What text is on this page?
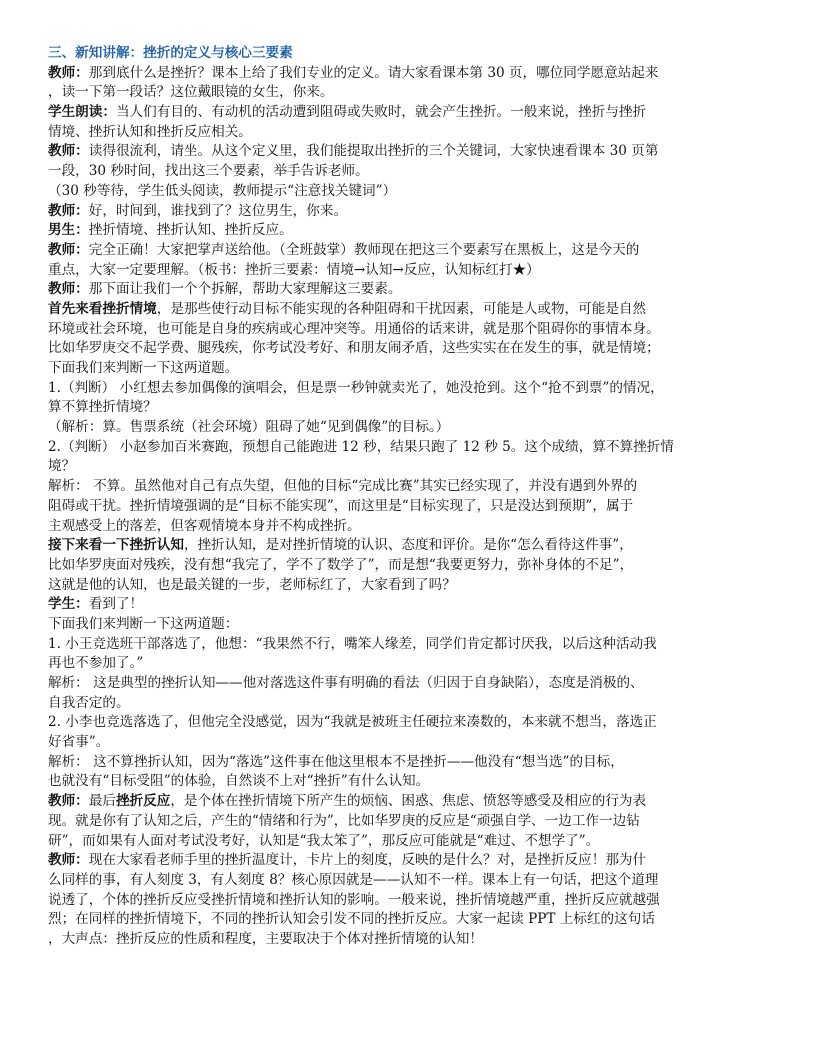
三、新知讲解：挫折的定义与核心三要素
教师：那到底什么是挫折？课本上给了我们专业的定义。请大家看课本第 30 页，哪位同学愿意站起来
，读一下第一段话？这位戴眼镜的女生，你来。
学生朗读：当人们有目的、有动机的活动遭到阻碍或失败时，就会产生挫折。一般来说，挫折与挫折
情境、挫折认知和挫折反应相关。
教师：读得很流利，请坐。从这个定义里，我们能提取出挫折的三个关键词，大家快速看课本 30 页第
一段，30 秒时间，找出这三个要素，举手告诉老师。
（30 秒等待，学生低头阅读，教师提示“注意找关键词”）
教师：好，时间到，谁找到了？这位男生，你来。
男生：挫折情境、挫折认知、挫折反应。
教师：完全正确！大家把掌声送给他。（全班鼓掌）教师现在把这三个要素写在黑板上，这是今天的
重点，大家一定要理解。（板书：挫折三要素：情境→认知→反应，认知标红打★）
教师：那下面让我们一个个拆解，帮助大家理解这三要素。
首先来看挫折情境，是那些使行动目标不能实现的各种阻碍和干扰因素，可能是人或物，可能是自然
环境或社会环境，也可能是自身的疾病或心理冲突等。用通俗的话来讲，就是那个阻碍你的事情本身。
比如华罗庚交不起学费、腿残疾，你考试没考好、和朋友闹矛盾，这些实实在在发生的事，就是情境；
下面我们来判断一下这两道题。
1.（判断） 小红想去参加偶像的演唱会，但是票一秒钟就卖光了，她没抢到。这个“抢不到票”的情况，
算不算挫折情境？
（解析：算。售票系统（社会环境）阻碍了她“见到偶像”的目标。）
2.（判断） 小赵参加百米赛跑，预想自己能跑进 12 秒，结果只跑了 12 秒 5。这个成绩，算不算挫折情
境？
解析： 不算。虽然他对自己有点失望，但他的目标“完成比赛”其实已经实现了，并没有遇到外界的
阻碍或干扰。挫折情境强调的是“目标不能实现”，而这里是“目标实现了，只是没达到预期”，属于
主观感受上的落差，但客观情境本身并不构成挫折。
接下来看一下挫折认知，挫折认知，是对挫折情境的认识、态度和评价。是你“怎么看待这件事”，
比如华罗庚面对残疾，没有想“我完了，学不了数学了”，而是想“我要更努力，弥补身体的不足”，
这就是他的认知，也是最关键的一步，老师标红了，大家看到了吗？
学生：看到了！
下面我们来判断一下这两道题：
1. 小王竞选班干部落选了，他想：“我果然不行，嘴笨人缘差，同学们肯定都讨厌我，以后这种活动我
再也不参加了。”
解析： 这是典型的挫折认知——他对落选这件事有明确的看法（归因于自身缺陷），态度是消极的、
自我否定的。
2. 小李也竞选落选了，但他完全没感觉，因为“我就是被班主任硬拉来凑数的，本来就不想当，落选正
好省事”。
解析： 这不算挫折认知，因为“落选”这件事在他这里根本不是挫折——他没有“想当选”的目标，
也就没有“目标受阻”的体验，自然谈不上对“挫折”有什么认知。
教师：最后挫折反应，是个体在挫折情境下所产生的烦恼、困惑、焦虑、愤怒等感受及相应的行为表
现。就是你有了认知之后，产生的“情绪和行为”，比如华罗庚的反应是“顽强自学、一边工作一边钻
研”，而如果有人面对考试没考好，认知是“我太笨了”，那反应可能就是“难过、不想学了”。
教师：现在大家看老师手里的挫折温度计，卡片上的刻度，反映的是什么？对，是挫折反应！那为什
么同样的事，有人刻度 3，有人刻度 8？核心原因就是——认知不一样。课本上有一句话，把这个道理
说透了，个体的挫折反应受挫折情境和挫折认知的影响。一般来说，挫折情境越严重，挫折反应就越强
烈；在同样的挫折情境下，不同的挫折认知会引发不同的挫折反应。大家一起读 PPT 上标红的这句话
，大声点：挫折反应的性质和程度，主要取决于个体对挫折情境的认知！
